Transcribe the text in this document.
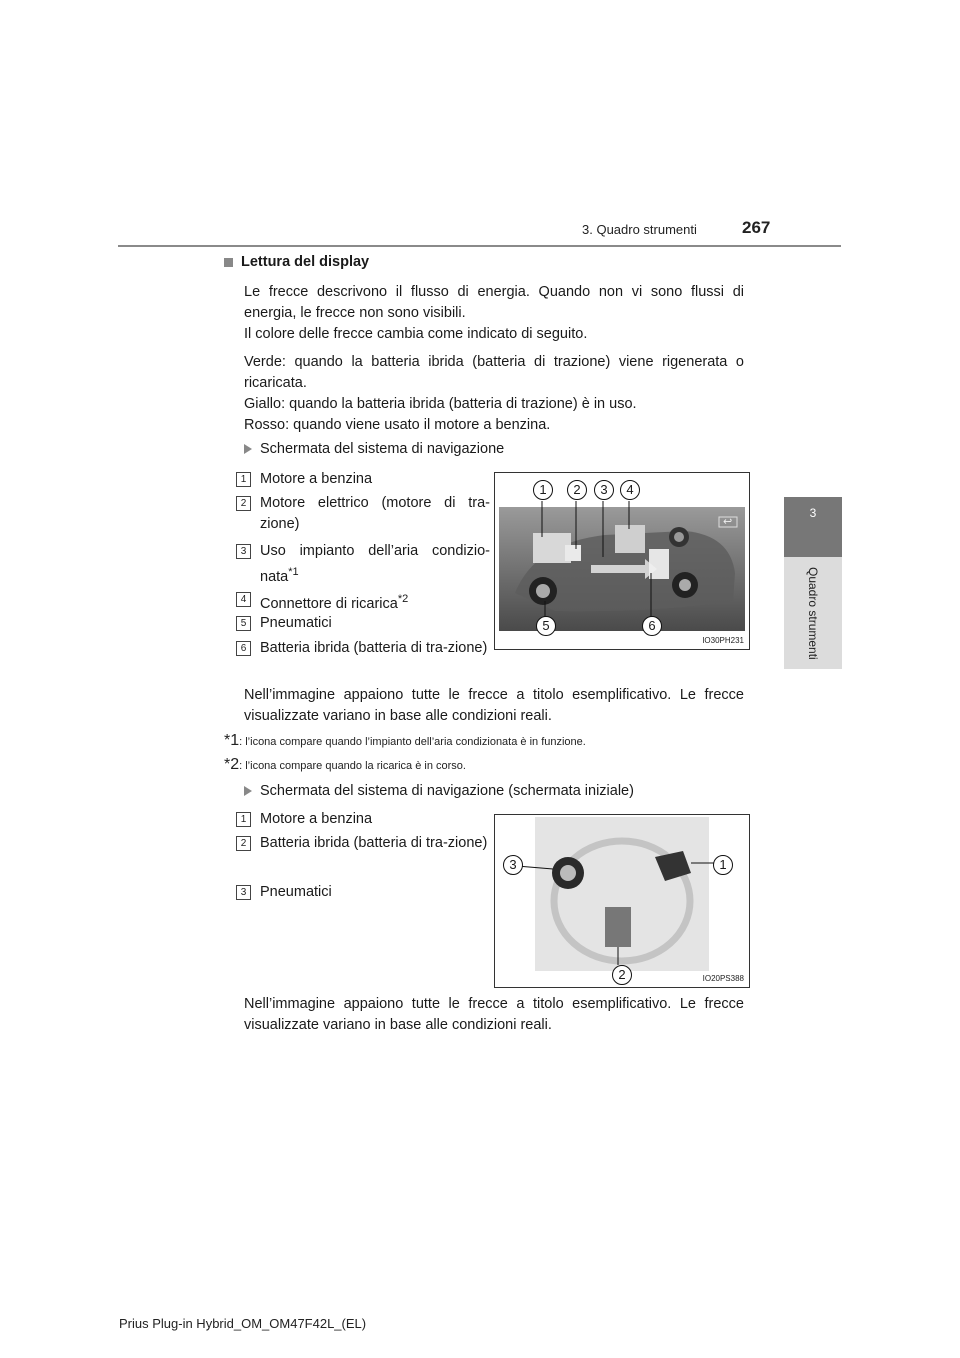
3. Quadro strumenti	267
3
Quadro strumenti
Lettura del display
Le frecce descrivono il flusso di energia. Quando non vi sono flussi di energia, le frecce non sono visibili.
Il colore delle frecce cambia come indicato di seguito.
Verde: quando la batteria ibrida (batteria di trazione) viene rigenerata o ricaricata.
Giallo: quando la batteria ibrida (batteria di trazione) è in uso.
Rosso: quando viene usato il motore a benzina.
Schermata del sistema di navigazione
1 Motore a benzina
2 Motore elettrico (motore di tra-zione)
3 Uso impianto dell’aria condizio-nata$^{*1}$
4 Connettore di ricarica$^{*2}$
5 Pneumatici
6 Batteria ibrida (batteria di tra-zione)
1	2	3	4
5	6
↩
IO30PH231
Nell’immagine appaiono tutte le frecce a titolo esemplificativo. Le frecce visualizzate variano in base alle condizioni reali.
*1: l’icona compare quando l’impianto dell’aria condizionata è in funzione.
*2: l’icona compare quando la ricarica è in corso.
Schermata del sistema di navigazione (schermata iniziale)
1 Motore a benzina
2 Batteria ibrida (batteria di tra-zione)
3 Pneumatici
3	1
2	IO20PS388
Nell’immagine appaiono tutte le frecce a titolo esemplificativo. Le frecce visualizzate variano in base alle condizioni reali.
Prius Plug-in Hybrid_OM_OM47F42L_(EL)
